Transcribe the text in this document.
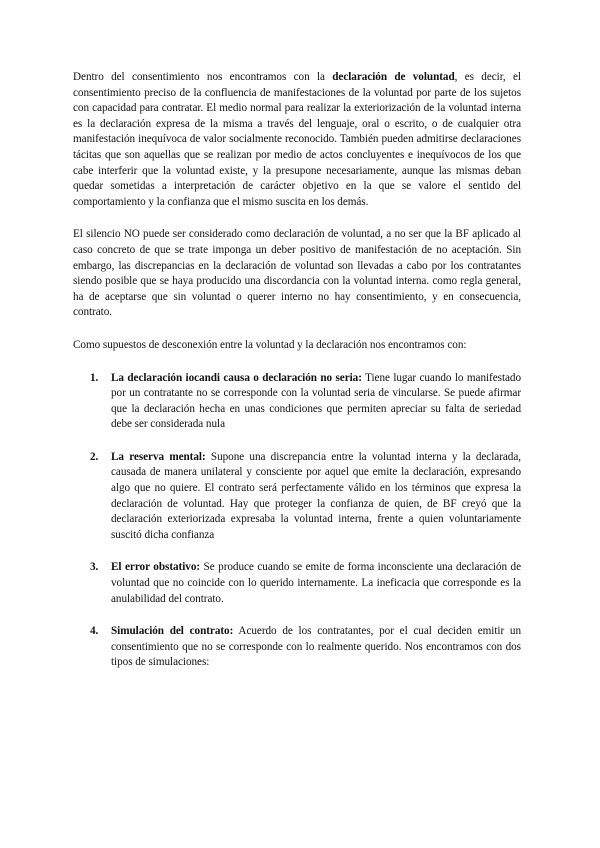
Dentro del consentimiento nos encontramos con la declaración de voluntad, es decir, el consentimiento preciso de la confluencia de manifestaciones de la voluntad por parte de los sujetos con capacidad para contratar. El medio normal para realizar la exteriorización de la voluntad interna es la declaración expresa de la misma a través del lenguaje, oral o escrito, o de cualquier otra manifestación inequívoca de valor socialmente reconocido. También pueden admitirse declaraciones tácitas que son aquellas que se realizan por medio de actos concluyentes e inequívocos de los que cabe interferir que la voluntad existe, y la presupone necesariamente, aunque las mismas deban quedar sometidas a interpretación de carácter objetivo en la que se valore el sentido del comportamiento y la confianza que el mismo suscita en los demás.

El silencio NO puede ser considerado como declaración de voluntad, a no ser que la BF aplicado al caso concreto de que se trate imponga un deber positivo de manifestación de no aceptación. Sin embargo, las discrepancias en la declaración de voluntad son llevadas a cabo por los contratantes siendo posible que se haya producido una discordancia con la voluntad interna. como regla general, ha de aceptarse que sin voluntad o querer interno no hay consentimiento, y en consecuencia, contrato.

Como supuestos de desconexión entre la voluntad y la declaración nos encontramos con:

1.	La declaración iocandi causa o declaración no seria: Tiene lugar cuando lo manifestado por un contratante no se corresponde con la voluntad seria de vincularse. Se puede afirmar que la declaración hecha en unas condiciones que permiten apreciar su falta de seriedad debe ser considerada nula
2.	La reserva mental: Supone una discrepancia entre la voluntad interna y la declarada, causada de manera unilateral y consciente por aquel que emite la declaración, expresando algo que no quiere. El contrato será perfectamente válido en los términos que expresa la declaración de voluntad. Hay que proteger la confianza de quien, de BF creyó que la declaración exteriorizada expresaba la voluntad interna, frente a quien voluntariamente suscitó dicha confianza
3.	El error obstativo: Se produce cuando se emite de forma inconsciente una declaración de voluntad que no coincide con lo querido internamente. La ineficacia que corresponde es la anulabilidad del contrato.
4.	Simulación del contrato: Acuerdo de los contratantes, por el cual deciden emitir un consentimiento que no se corresponde con lo realmente querido. Nos encontramos con dos tipos de simulaciones:
